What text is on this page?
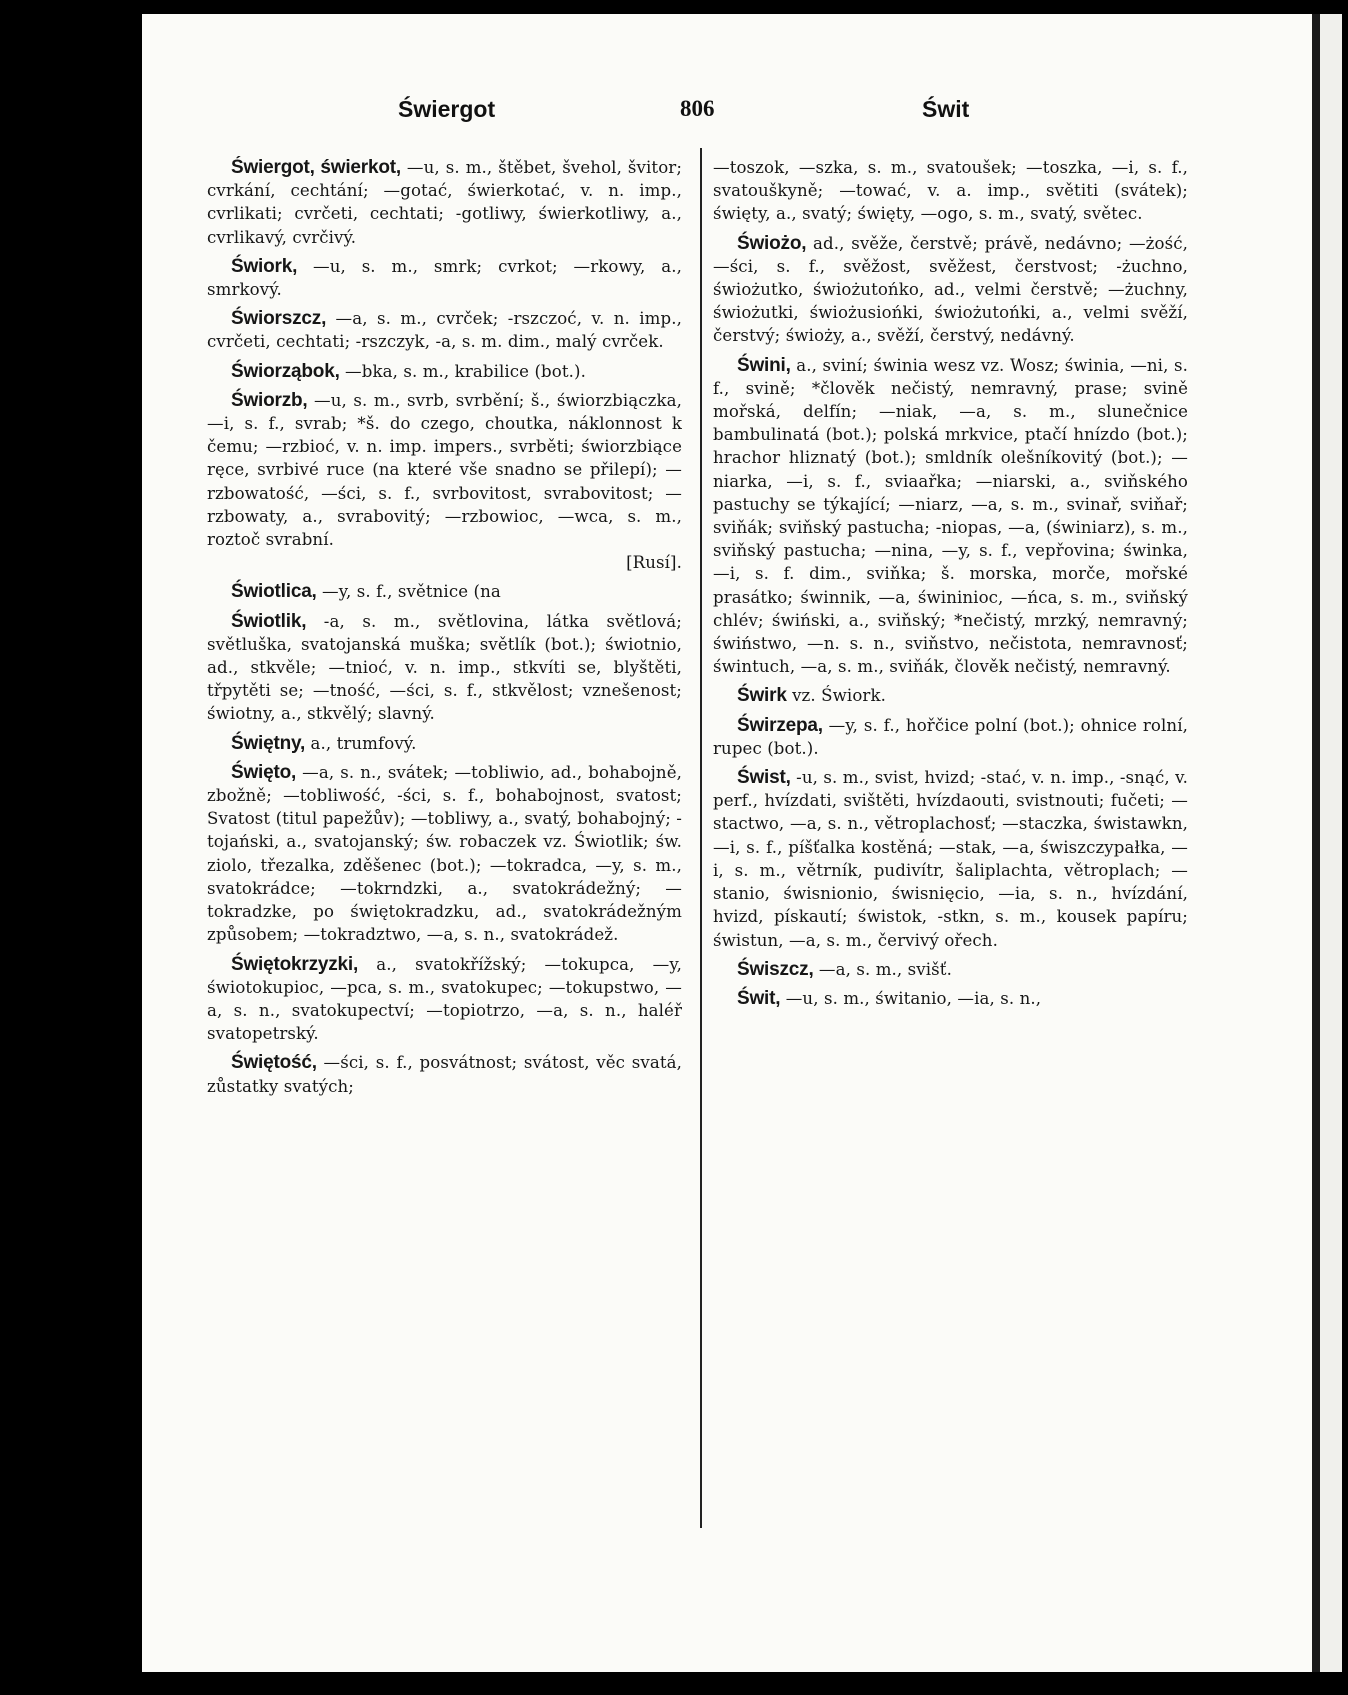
Świergot	806	Świt

Świergot, świerkot, —u, s. m., štěbet, švehol, švitor; cvrkání, cechtání; —gotać, świerkotać, v. n. imp., cvrlikati; cvrčeti, cechtati; -gotliwy, świerkotliwy, a., cvrlikavý, cvrčivý.

Świork, —u, s. m., smrk; cvrkot; —rkowy, a., smrkový.

Świorszcz, —a, s. m., cvrček; -rszczoć, v. n. imp., cvrčeti, cechtati; -rszczyk, -a, s. m. dim., malý cvrček.

Świorząbok, —bka, s. m., krabilice (bot.).

Świorzb, —u, s. m., svrb, svrbění; š., świorzbiączka, —i, s. f., svrab; *š. do czego, choutka, náklonnost k čemu; —rzbioć, v. n. imp. impers., svrběti; świorzbiące ręce, svrbivé ruce (na které vše snadno se přilepí); —rzbowatość, —ści, s. f., svrbovitost, svrabovitost; —rzbowaty, a., svrabovitý; —rzbowioc, —wca, s. m., roztoč svrabní.
[Rusí].

Świotlica, —y, s. f., světnice (na

Świotlik, -a, s. m., světlovina, látka světlová; světluška, svatojanská muška; světlík (bot.); świotnio, ad., stkvěle; —tnioć, v. n. imp., stkvíti se, blyštěti, třpytěti se; —tność, —ści, s. f., stkvělost; vznešenost; świotny, a., stkvělý; slavný.

Świętny, a., trumfový.

Święto, —a, s. n., svátek; —tobliwio, ad., bohabojně, zbožně; —tobliwość, -ści, s. f., bohabojnost, svatost; Svatost (titul papežův); —tobliwy, a., svatý, bohabojný; -tojański, a., svatojanský; św. robaczek vz. Świotlik; św. ziolo, třezalka, zděšenec (bot.); —tokradca, —y, s. m., svatokrádce; —tokrndzki, a., svatokrádežný; —tokradzke, po świętokradzku, ad., svatokrádežným způsobem; —tokradztwo, —a, s. n., svatokrádež.

Świętokrzyzki, a., svatokřížský; —tokupca, —y, świotokupioc, —pca, s. m., svatokupec; —tokupstwo, —a, s. n., svatokupectví; —topiotrzo, —a, s. n., haléř svatopetrský.

Świętość, —ści, s. f., posvátnost; svátost, věc svatá, zůstatky svatých;

—toszok, —szka, s. m., svatoušek; —toszka, —i, s. f., svatouškyně; —tować, v. a. imp., světiti (svátek); święty, a., svatý; święty, —ogo, s. m., svatý, světec.

Świożo, ad., svěže, čerstvě; právě, nedávno; —żość, —ści, s. f., svěžost, svěžest, čerstvost; -żuchno, świożutko, świożutońko, ad., velmi čerstvě; —żuchny, świożutki, świożusiońki, świożutońki, a., velmi svěží, čerstvý; świoży, a., svěží, čerstvý, nedávný.

Świni, a., sviní; świnia wesz vz. Wosz; świnia, —ni, s. f., svině; *člověk nečistý, nemravný, prase; svině mořská, delfín; —niak, —a, s. m., slunečnice bambulinatá (bot.); polská mrkvice, ptačí hnízdo (bot.); hrachor hliznatý (bot.); smldník olešníkovitý (bot.); —niarka, —i, s. f., sviaařka; —niarski, a., sviňského pastuchy se týkající; —niarz, —a, s. m., svinař, sviňař; sviňák; sviňský pastucha; -niopas, —a, (świniarz), s. m., sviňský pastucha; —nina, —y, s. f., vepřovina; świnka, —i, s. f. dim., sviňka; š. morska, morče, mořské prasátko; świnnik, —a, świninioc, —ńca, s. m., sviňský chlév; świński, a., sviňský; *nečistý, mrzký, nemravný; świństwo, —n. s. n., sviňstvo, nečistota, nemravnosť; świntuch, —a, s. m., sviňák, člověk nečistý, nemravný.

Świrk vz. Świork.

Świrzepa, —y, s. f., hořčice polní (bot.); ohnice rolní, rupec (bot.).

Świst, -u, s. m., svist, hvizd; -stać, v. n. imp., -snąć, v. perf., hvízdati, svištěti, hvízdaouti, svistnouti; fučeti; —stactwo, —a, s. n., větroplachosť; —staczka, świstawkn, —i, s. f., píšťalka kostěná; —stak, —a, świszczypałka, —i, s. m., větrník, pudivítr, šaliplachta, větroplach; —stanio, świsnionio, świsnięcio, —ia, s. n., hvízdání, hvizd, pískautí; świstok, -stkn, s. m., kousek papíru; świstun, —a, s. m., červivý ořech.

Świszcz, —a, s. m., svišť.

Świt, —u, s. m., świtanio, —ia, s. n.,
